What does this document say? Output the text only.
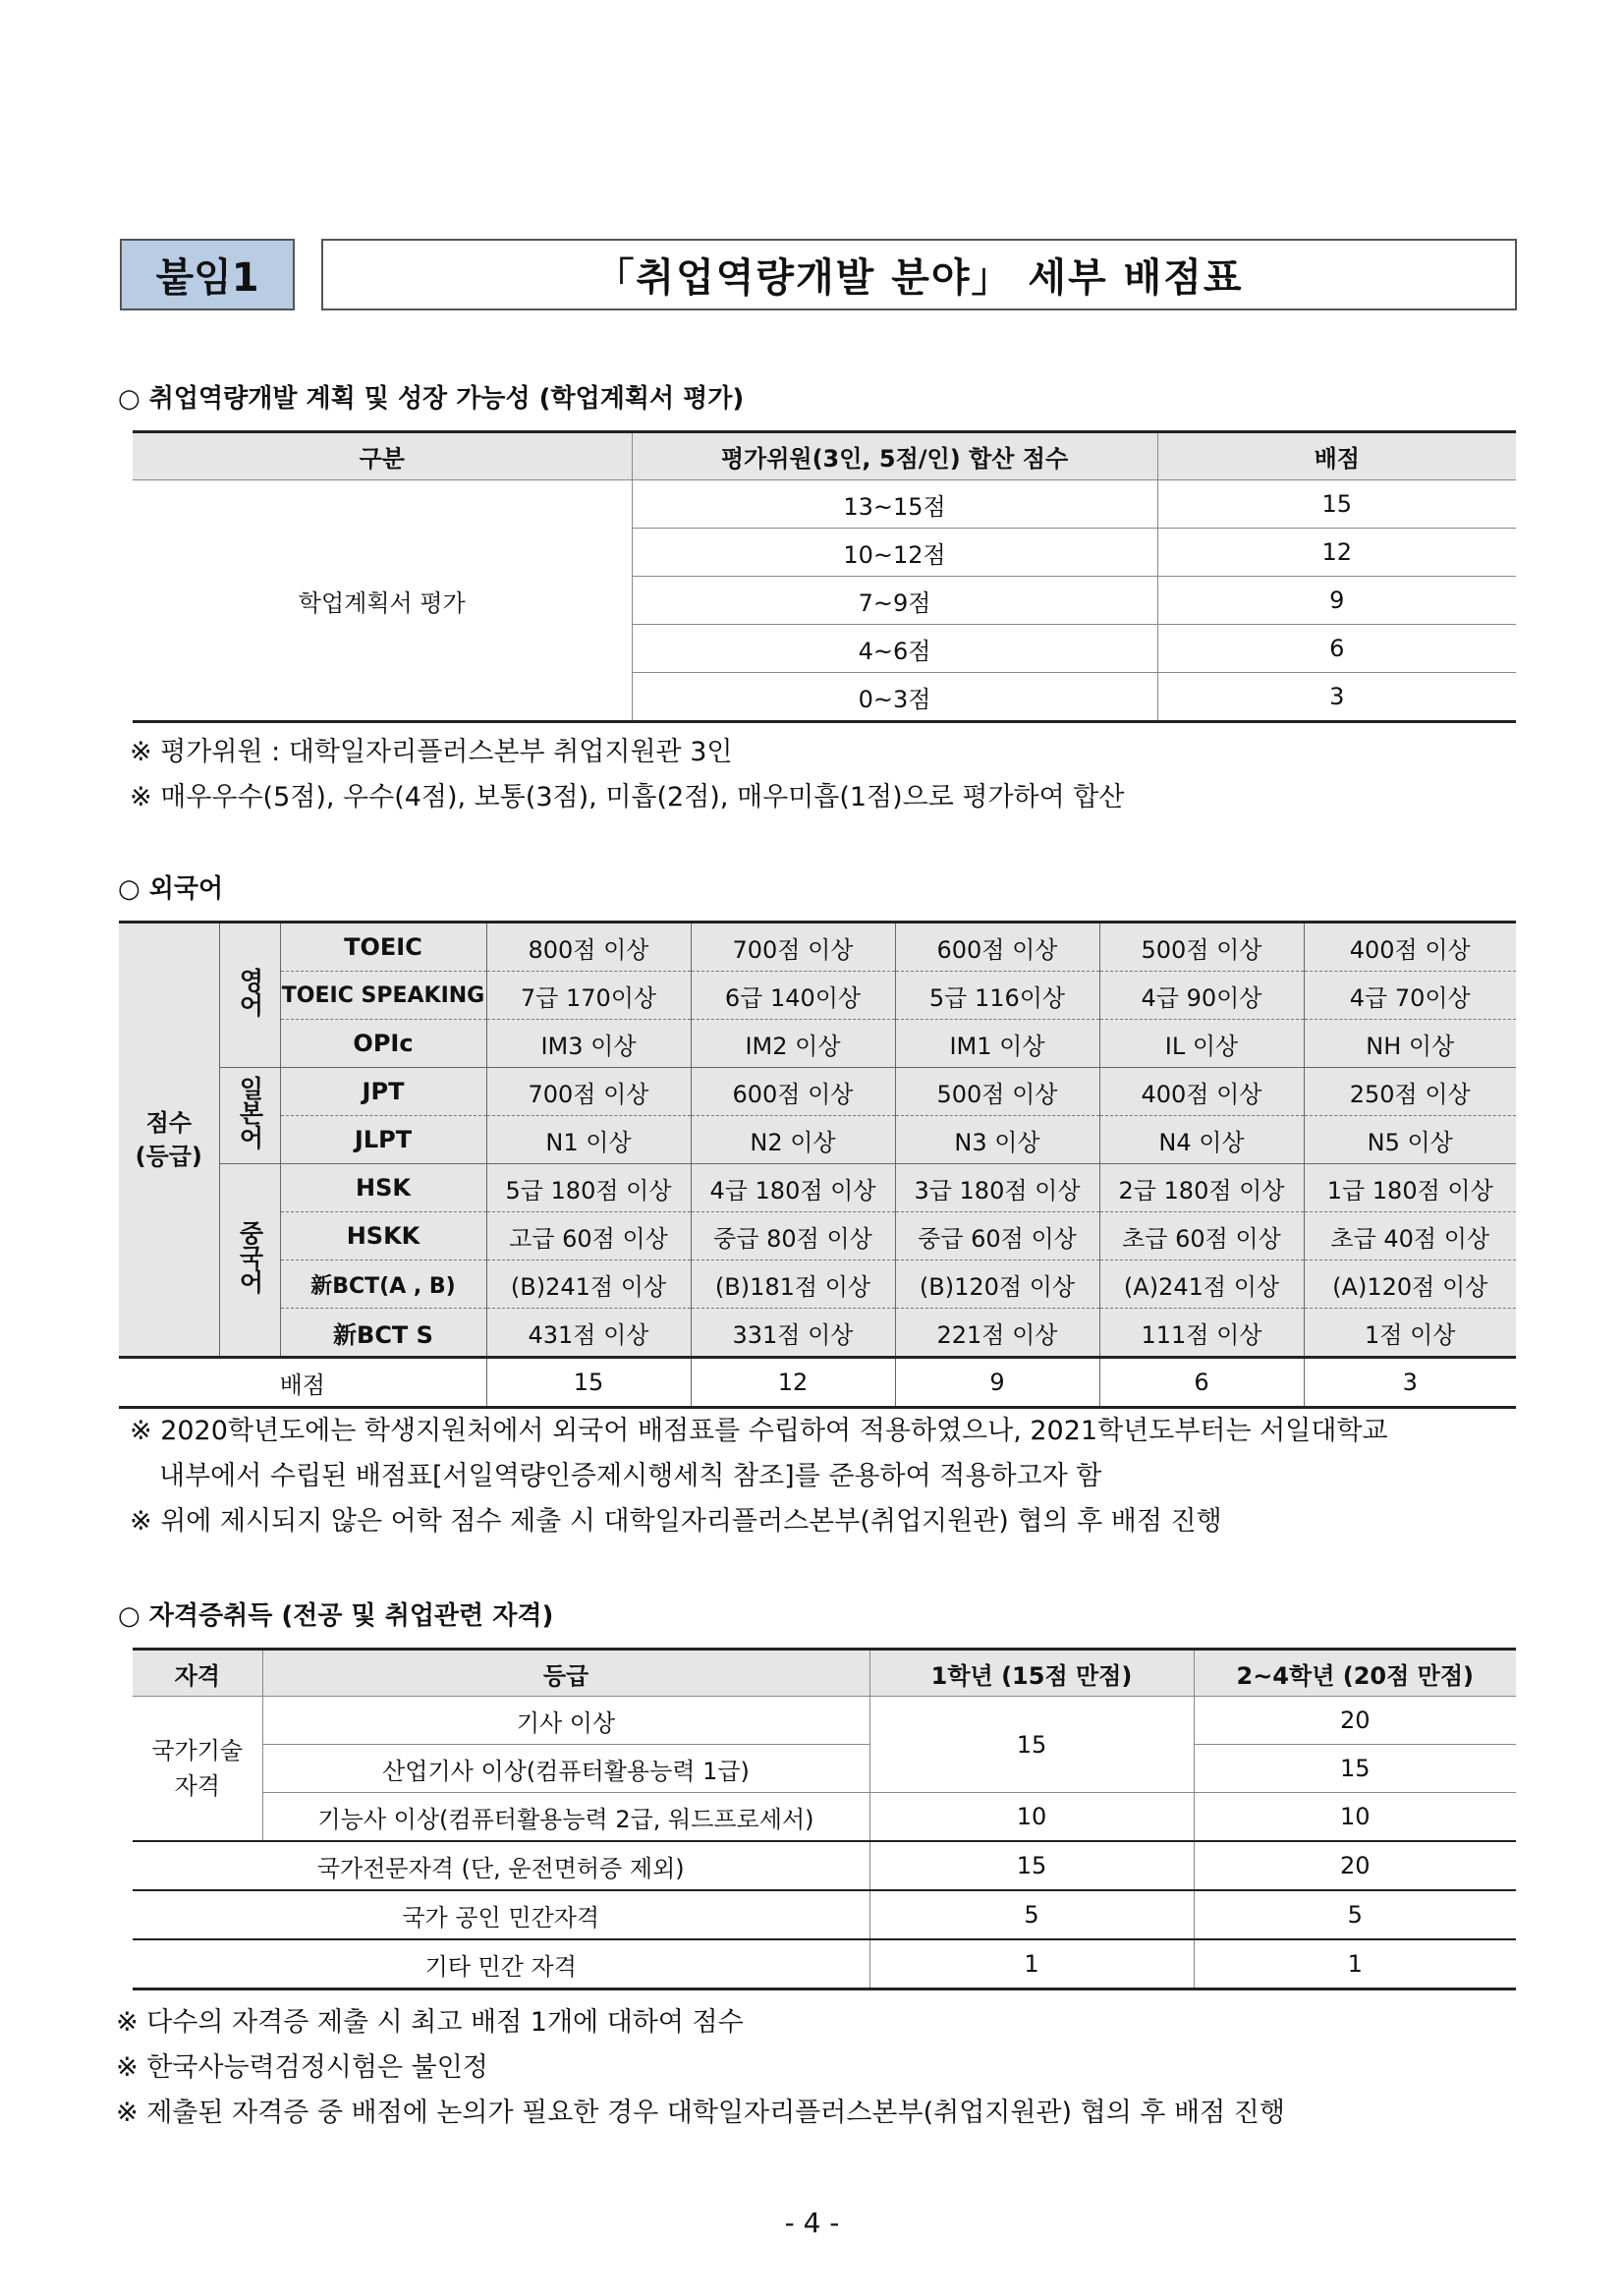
붙임1	「취업역량개발 분야」 세부 배점표
○ 취업역량개발 계획 및 성장 가능성 (학업계획서 평가)
구분	평가위원(3인, 5점/인) 합산 점수	배점
학업계획서 평가	13~15점	15
	10~12점	12
	7~9점	9
	4~6점	6
	0~3점	3
※ 평가위원 : 대학일자리플러스본부 취업지원관 3인
※ 매우우수(5점), 우수(4점), 보통(3점), 미흡(2점), 매우미흡(1점)으로 평가하여 합산
○ 외국어
점수
(등급)	영어	TOEIC	800점 이상	700점 이상	600점 이상	500점 이상	400점 이상
		TOEIC SPEAKING	7급 170이상	6급 140이상	5급 116이상	4급 90이상	4급 70이상
		OPIc	IM3 이상	IM2 이상	IM1 이상	IL 이상	NH 이상
	일본어	JPT	700점 이상	600점 이상	500점 이상	400점 이상	250점 이상
		JLPT	N1 이상	N2 이상	N3 이상	N4 이상	N5 이상
	중국어	HSK	5급 180점 이상	4급 180점 이상	3급 180점 이상	2급 180점 이상	1급 180점 이상
		HSKK	고급 60점 이상	중급 80점 이상	중급 60점 이상	초급 60점 이상	초급 40점 이상
		新BCT(A , B)	(B)241점 이상	(B)181점 이상	(B)120점 이상	(A)241점 이상	(A)120점 이상
		新BCT S	431점 이상	331점 이상	221점 이상	111점 이상	1점 이상
배점			15	12	9	6	3
※ 2020학년도에는 학생지원처에서 외국어 배점표를 수립하여 적용하였으나, 2021학년도부터는 서일대학교
내부에서 수립된 배점표[서일역량인증제시행세칙 참조]를 준용하여 적용하고자 함
※ 위에 제시되지 않은 어학 점수 제출 시 대학일자리플러스본부(취업지원관) 협의 후 배점 진행
○ 자격증취득 (전공 및 취업관련 자격)
자격	등급	1학년 (15점 만점)	2~4학년 (20점 만점)
국가기술
자격	기사 이상	15	20
	산업기사 이상(컴퓨터활용능력 1급)		15
	기능사 이상(컴퓨터활용능력 2급, 워드프로세서)	10	10
국가전문자격 (단, 운전면허증 제외)		15	20
국가 공인 민간자격		5	5
기타 민간 자격		1	1
※ 다수의 자격증 제출 시 최고 배점 1개에 대하여 점수
※ 한국사능력검정시험은 불인정
※ 제출된 자격증 중 배점에 논의가 필요한 경우 대학일자리플러스본부(취업지원관) 협의 후 배점 진행
- 4 -
